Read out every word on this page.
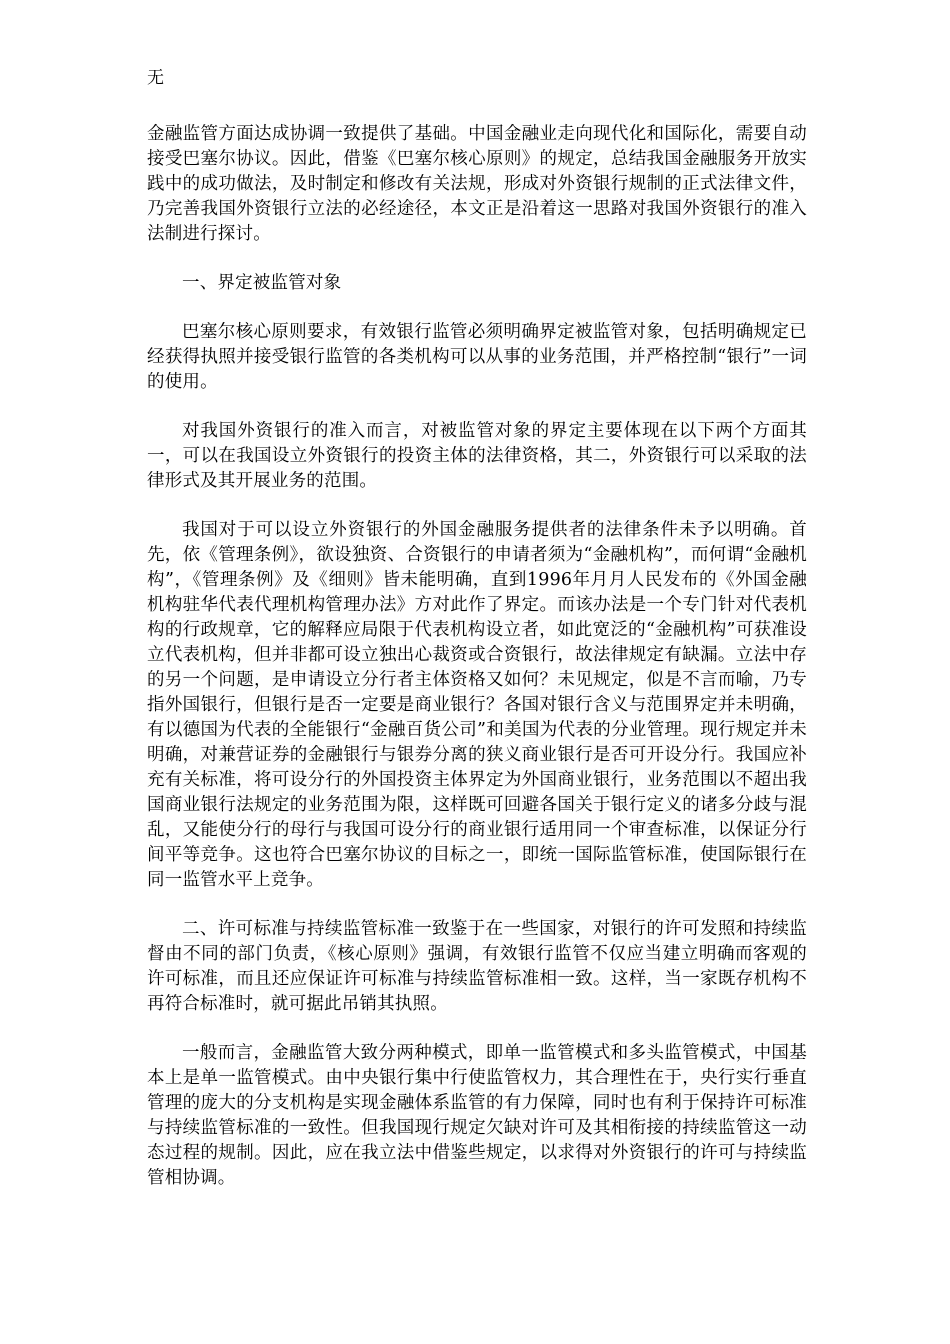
无

金融监管方面达成协调一致提供了基础。中国金融业走向现代化和国际化，需要自动接受巴塞尔协议。因此，借鉴《巴塞尔核心原则》的规定，总结我国金融服务开放实践中的成功做法，及时制定和修改有关法规，形成对外资银行规制的正式法律文件，乃完善我国外资银行立法的必经途径，本文正是沿着这一思路对我国外资银行的准入法制进行探讨。

一、界定被监管对象

巴塞尔核心原则要求，有效银行监管必须明确界定被监管对象，包括明确规定已经获得执照并接受银行监管的各类机构可以从事的业务范围，并严格控制“银行”一词的使用。

对我国外资银行的准入而言，对被监管对象的界定主要体现在以下两个方面其一，可以在我国设立外资银行的投资主体的法律资格，其二，外资银行可以采取的法律形式及其开展业务的范围。

我国对于可以设立外资银行的外国金融服务提供者的法律条件未予以明确。首先，依《管理条例》，欲设独资、合资银行的申请者须为“金融机构”，而何谓“金融机构”，《管理条例》及《细则》皆未能明确，直到1996年月月人民发布的《外国金融机构驻华代表代理机构管理办法》方对此作了界定。而该办法是一个专门针对代表机构的行政规章，它的解释应局限于代表机构设立者，如此宽泛的“金融机构”可获准设立代表机构，但并非都可设立独出心裁资或合资银行，故法律规定有缺漏。立法中存的另一个问题，是申请设立分行者主体资格又如何？未见规定，似是不言而喻，乃专指外国银行，但银行是否一定要是商业银行？各国对银行含义与范围界定并未明确，有以德国为代表的全能银行“金融百货公司”和美国为代表的分业管理。现行规定并未明确，对兼营证券的金融银行与银券分离的狭义商业银行是否可开设分行。我国应补充有关标准，将可设分行的外国投资主体界定为外国商业银行，业务范围以不超出我国商业银行法规定的业务范围为限，这样既可回避各国关于银行定义的诸多分歧与混乱，又能使分行的母行与我国可设分行的商业银行适用同一个审查标准，以保证分行间平等竞争。这也符合巴塞尔协议的目标之一，即统一国际监管标准，使国际银行在同一监管水平上竞争。

二、许可标准与持续监管标准一致鉴于在一些国家，对银行的许可发照和持续监督由不同的部门负责，《核心原则》强调，有效银行监管不仅应当建立明确而客观的许可标准，而且还应保证许可标准与持续监管标准相一致。这样，当一家既存机构不再符合标准时，就可据此吊销其执照。

一般而言，金融监管大致分两种模式，即单一监管模式和多头监管模式，中国基本上是单一监管模式。由中央银行集中行使监管权力，其合理性在于，央行实行垂直管理的庞大的分支机构是实现金融体系监管的有力保障，同时也有利于保持许可标准与持续监管标准的一致性。但我国现行规定欠缺对许可及其相衔接的持续监管这一动态过程的规制。因此，应在我立法中借鉴些规定，以求得对外资银行的许可与持续监管相协调。
